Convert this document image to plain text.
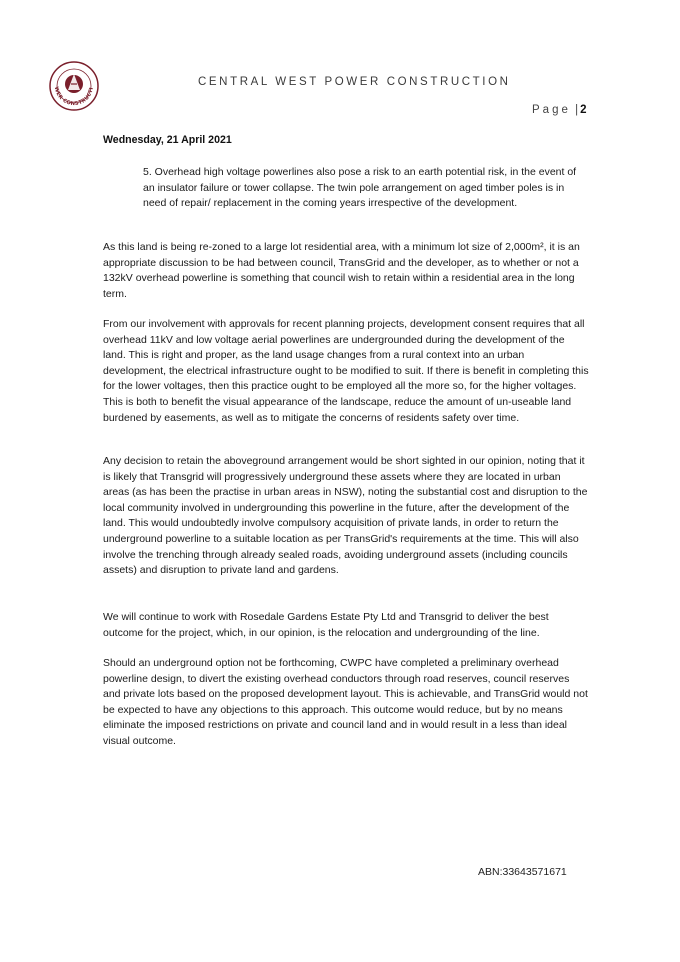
WER CONSTRUCTI
CENTRAL WEST POWER CONSTRUCTION
Page | 2
Wednesday, 21 April 2021

5. Overhead high voltage powerlines also pose a risk to an earth potential risk, in the event of an insulator failure or tower collapse. The twin pole arrangement on aged timber poles is in need of repair/ replacement in the coming years irrespective of the development.

As this land is being re-zoned to a large lot residential area, with a minimum lot size of 2,000m², it is an appropriate discussion to be had between council, TransGrid and the developer, as to whether or not a 132kV overhead powerline is something that council wish to retain within a residential area in the long term.

From our involvement with approvals for recent planning projects, development consent requires that all overhead 11kV and low voltage aerial powerlines are undergrounded during the development of the land. This is right and proper, as the land usage changes from a rural context into an urban development, the electrical infrastructure ought to be modified to suit. If there is benefit in completing this for the lower voltages, then this practice ought to be employed all the more so, for the higher voltages. This is both to benefit the visual appearance of the landscape, reduce the amount of un-useable land burdened by easements, as well as to mitigate the concerns of residents safety over time.

Any decision to retain the aboveground arrangement would be short sighted in our opinion, noting that it is likely that Transgrid will progressively underground these assets where they are located in urban areas (as has been the practise in urban areas in NSW), noting the substantial cost and disruption to the local community involved in undergrounding this powerline in the future, after the development of the land. This would undoubtedly involve compulsory acquisition of private lands, in order to return the underground powerline to a suitable location as per TransGrid's requirements at the time. This will also involve the trenching through already sealed roads, avoiding underground assets (including councils assets) and disruption to private land and gardens.

We will continue to work with Rosedale Gardens Estate Pty Ltd and Transgrid to deliver the best outcome for the project, which, in our opinion, is the relocation and undergrounding of the line.

Should an underground option not be forthcoming, CWPC have completed a preliminary overhead powerline design, to divert the existing overhead conductors through road reserves, council reserves and private lots based on the proposed development layout. This is achievable, and TransGrid would not be expected to have any objections to this approach. This outcome would reduce, but by no means eliminate the imposed restrictions on private and council land and in would result in a less than ideal visual outcome.

ABN:33643571671
